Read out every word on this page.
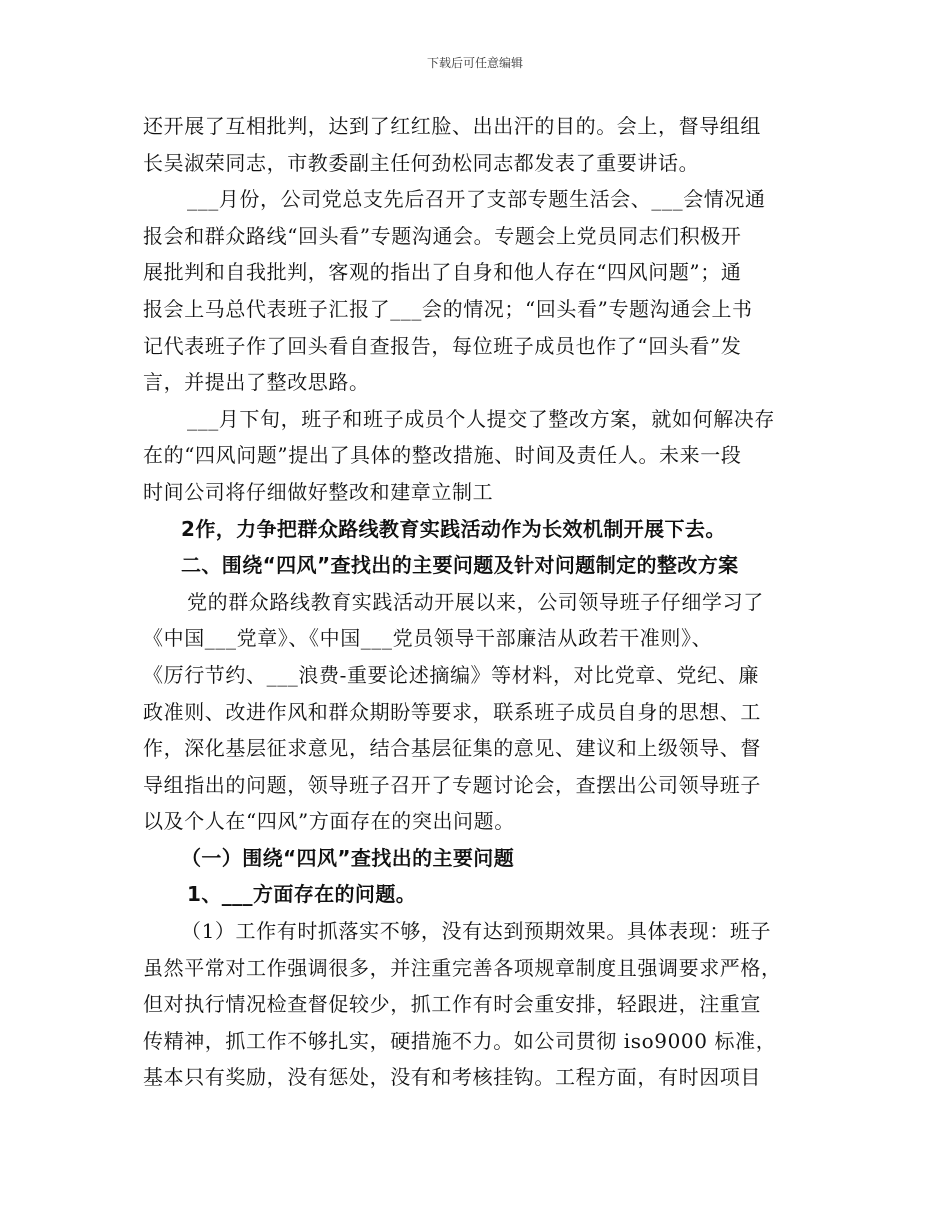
下载后可任意编辑
还开展了互相批判，达到了红红脸、出出汗的目的。会上，督导组组
长吴淑荣同志，市教委副主任何劲松同志都发表了重要讲话。
___月份，公司党总支先后召开了支部专题生活会、___会情况通
报会和群众路线“回头看”专题沟通会。专题会上党员同志们积极开
展批判和自我批判，客观的指出了自身和他人存在“四风问题”；通
报会上马总代表班子汇报了___会的情况；“回头看”专题沟通会上书
记代表班子作了回头看自查报告，每位班子成员也作了“回头看”发
言，并提出了整改思路。
___月下旬，班子和班子成员个人提交了整改方案，就如何解决存
在的“四风问题”提出了具体的整改措施、时间及责任人。未来一段
时间公司将仔细做好整改和建章立制工
2作，力争把群众路线教育实践活动作为长效机制开展下去。
二、围绕“四风”查找出的主要问题及针对问题制定的整改方案
党的群众路线教育实践活动开展以来，公司领导班子仔细学习了
《中国___党章》、《中国___党员领导干部廉洁从政若干准则》、
《厉行节约、___浪费-重要论述摘编》等材料，对比党章、党纪、廉
政准则、改进作风和群众期盼等要求，联系班子成员自身的思想、工
作，深化基层征求意见，结合基层征集的意见、建议和上级领导、督
导组指出的问题，领导班子召开了专题讨论会，查摆出公司领导班子
以及个人在“四风”方面存在的突出问题。
（一）围绕“四风”查找出的主要问题
1、___方面存在的问题。
（1）工作有时抓落实不够，没有达到预期效果。具体表现：班子
虽然平常对工作强调很多，并注重完善各项规章制度且强调要求严格，
但对执行情况检查督促较少，抓工作有时会重安排，轻跟进，注重宣
传精神，抓工作不够扎实，硬措施不力。如公司贯彻 iso9000 标准，
基本只有奖励，没有惩处，没有和考核挂钩。工程方面，有时因项目
